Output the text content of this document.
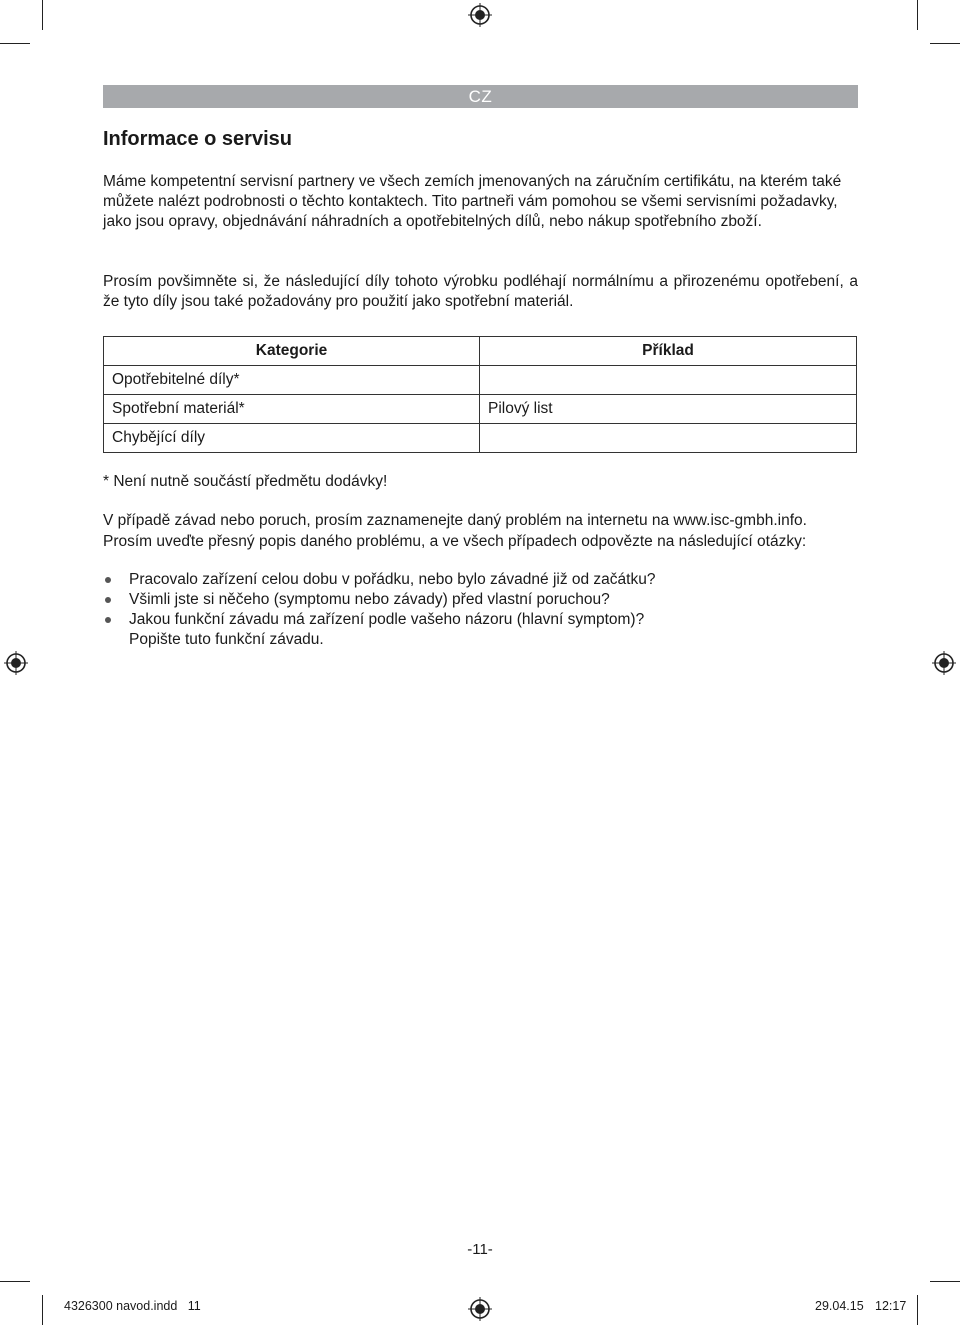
CZ
Informace o servisu
Máme kompetentní servisní partnery ve všech zemích jmenovaných na záručním certifikátu, na kterém také můžete nalézt podrobnosti o těchto kontaktech. Tito partneři vám pomohou se všemi servisními požadavky, jako jsou opravy, objednávání náhradních a opotřebitelných dílů, nebo nákup spotřebního zboží.
Prosím povšimněte si, že následující díly tohoto výrobku podléhají normálnímu a přirozenému opotřebení, a že tyto díly jsou také požadovány pro použití jako spotřební materiál.
Kategorie	Příklad
Opotřebitelné díly*	
Spotřební materiál*	Pilový list
Chybějící díly	
* Není nutně součástí předmětu dodávky!
V případě závad nebo poruch, prosím zaznamenejte daný problém na internetu na www.isc-gmbh.info.
Prosím uveďte přesný popis daného problému, a ve všech případech odpovězte na následující otázky:
Pracovalo zařízení celou dobu v pořádku, nebo bylo závadné již od začátku?
Všimli jste si něčeho (symptomu nebo závady) před vlastní poruchou?
Jakou funkční závadu má zařízení podle vašeho názoru (hlavní symptom)?
Popište tuto funkční závadu.
-11-
4326300 navod.indd   11	29.04.15 12:17
